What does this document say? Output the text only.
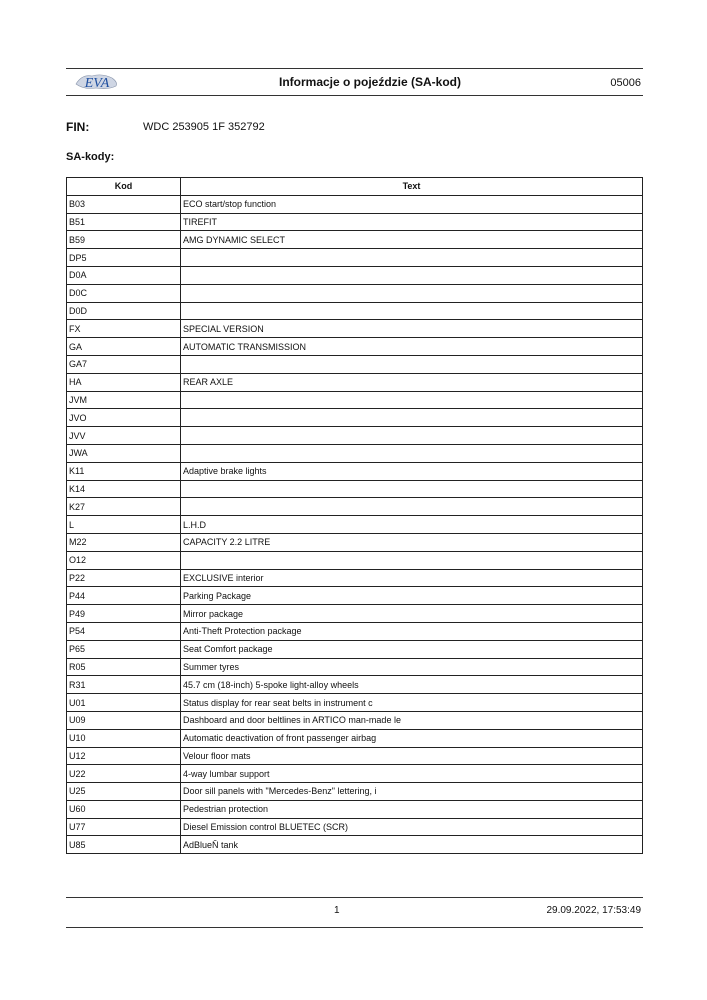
EVA	Informacje o pojeździe (SA-kod)	05006
FIN:	WDC 253905 1F 352792
SA-kody:
Kod	Text
B03	ECO start/stop function
B51	TIREFIT
B59	AMG DYNAMIC SELECT
DP5	
D0A	
D0C	
D0D	
FX	SPECIAL VERSION
GA	AUTOMATIC TRANSMISSION
GA7	
HA	REAR AXLE
JVM	
JVO	
JVV	
JWA	
K11	Adaptive brake lights
K14	
K27	
L	L.H.D
M22	CAPACITY 2.2 LITRE
O12	
P22	EXCLUSIVE interior
P44	Parking Package
P49	Mirror package
P54	Anti-Theft Protection package
P65	Seat Comfort package
R05	Summer tyres
R31	45.7 cm (18-inch) 5-spoke light-alloy wheels
U01	Status display for rear seat belts in instrument c
U09	Dashboard and door beltlines in ARTICO man-made le
U10	Automatic deactivation of front passenger airbag
U12	Velour floor mats
U22	4-way lumbar support
U25	Door sill panels with "Mercedes-Benz" lettering, i
U60	Pedestrian protection
U77	Diesel Emission control BLUETEC (SCR)
U85	AdBlueŇ tank
1	29.09.2022, 17:53:49
otomoto.pl
